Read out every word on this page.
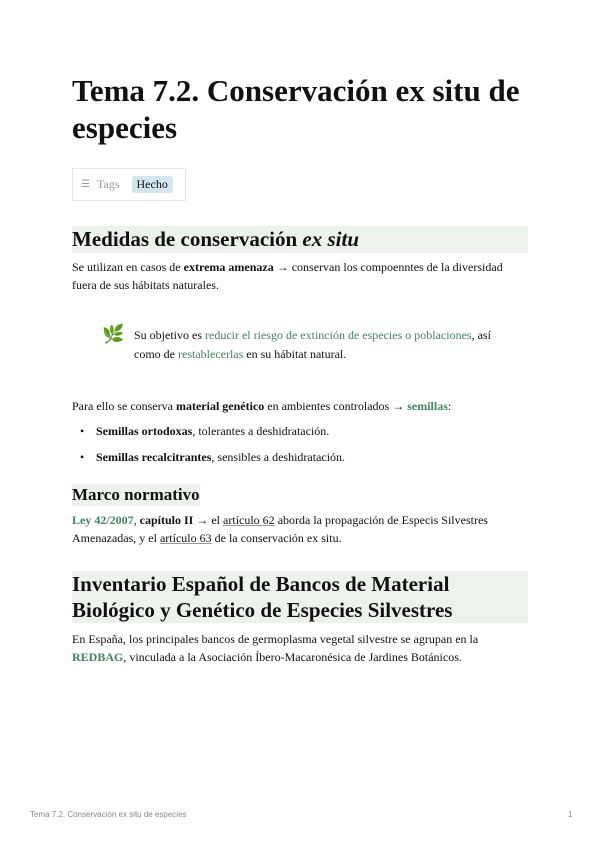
Tema 7.2. Conservación ex situ de especies
☰ Tags	Hecho
Medidas de conservación ex situ

Se utilizan en casos de extrema amenaza → conservan los compoenntes de la diversidad fuera de sus hábitats naturales.

🌿 Su objetivo es reducir el riesgo de extinción de especies o poblaciones, así como de restablecerlas en su hábitat natural.

Para ello se conserva material genético en ambientes controlados → semillas:

• Semillas ortodoxas, tolerantes a deshidratación.
• Semillas recalcitrantes, sensibles a deshidratación.
Marco normativo

Ley 42/2007, capítulo II → el artículo 62 aborda la propagación de Especis Silvestres Amenazadas, y el artículo 63 de la conservación ex situ.

Inventario Español de Bancos de Material Biológico y Genético de Especies Silvestres

En España, los principales bancos de germoplasma vegetal silvestre se agrupan en la REDBAG, vinculada a la Asociación Íbero-Macaronésica de Jardines Botánicos.

Tema 7.2. Conservación ex situ de especies	1
